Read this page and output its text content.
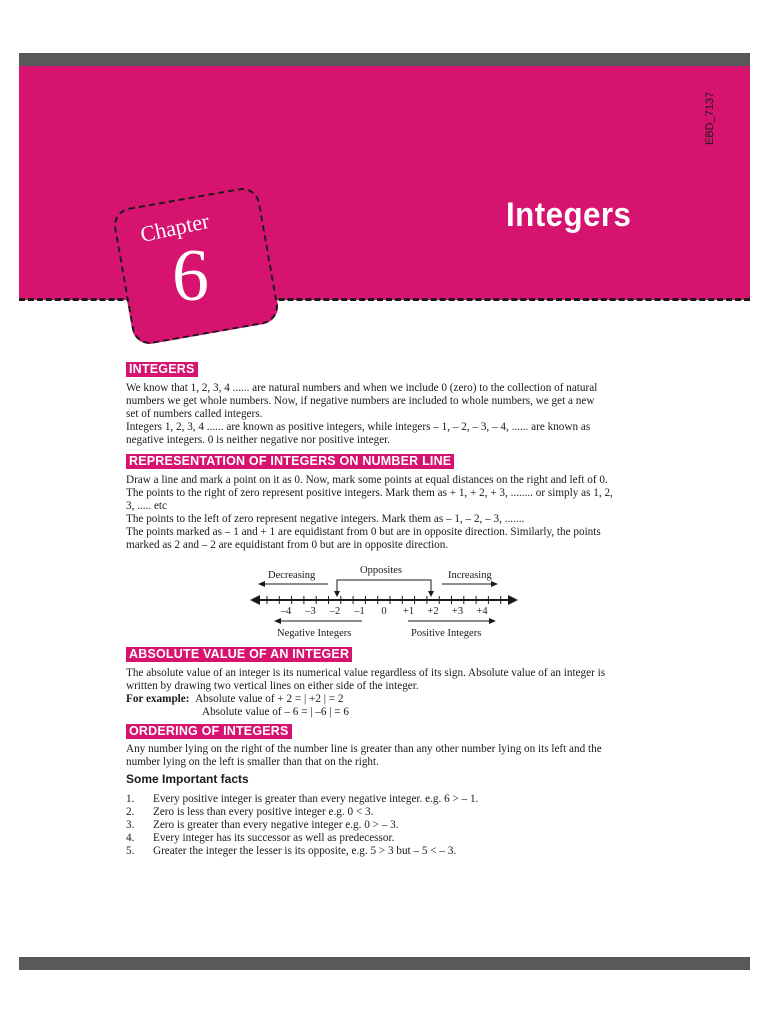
EBD_7137
Integers
Chapter
6
INTEGERS
We know that 1, 2, 3, 4 ...... are natural numbers and when we include 0 (zero) to the collection of natural
numbers we get whole numbers. Now, if negative numbers are included to whole numbers, we get a new
set of numbers called integers.
Integers 1, 2, 3, 4 ...... are known as positive integers, while integers – 1, – 2, – 3, – 4, ...... are known as
negative integers. 0 is neither negative nor positive integer.
REPRESENTATION OF INTEGERS ON NUMBER LINE
Draw a line and mark a point on it as 0. Now, mark some points at equal distances on the right and left of 0.
The points to the right of zero represent positive integers. Mark them as + 1, + 2, + 3, ........ or simply as 1, 2,
3, ..... etc
The points to the left of zero represent negative integers. Mark them as – 1, – 2, – 3, .......
The points marked as – 1 and + 1 are equidistant from 0 but are in opposite direction. Similarly, the points
marked as 2 and – 2 are equidistant from 0 but are in opposite direction.
Decreasing	Opposites	Increasing
–4 –3 –2 –1 0 +1 +2 +3 +4
Negative Integers	Positive Integers
ABSOLUTE VALUE OF AN INTEGER
The absolute value of an integer is its numerical value regardless of its sign. Absolute value of an integer is
written by drawing two vertical lines on either side of the integer.
For example: Absolute value of + 2 = | +2 | = 2
Absolute value of – 6 = | –6 | = 6
ORDERING OF INTEGERS
Any number lying on the right of the number line is greater than any other number lying on its left and the
number lying on the left is smaller than that on the right.
Some Important facts
1. Every positive integer is greater than every negative integer. e.g. 6 > – 1.
2. Zero is less than every positive integer e.g. 0 < 3.
3. Zero is greater than every negative integer e.g. 0 > – 3.
4. Every integer has its successor as well as predecessor.
5. Greater the integer the lesser is its opposite, e.g. 5 > 3 but – 5 < – 3.
